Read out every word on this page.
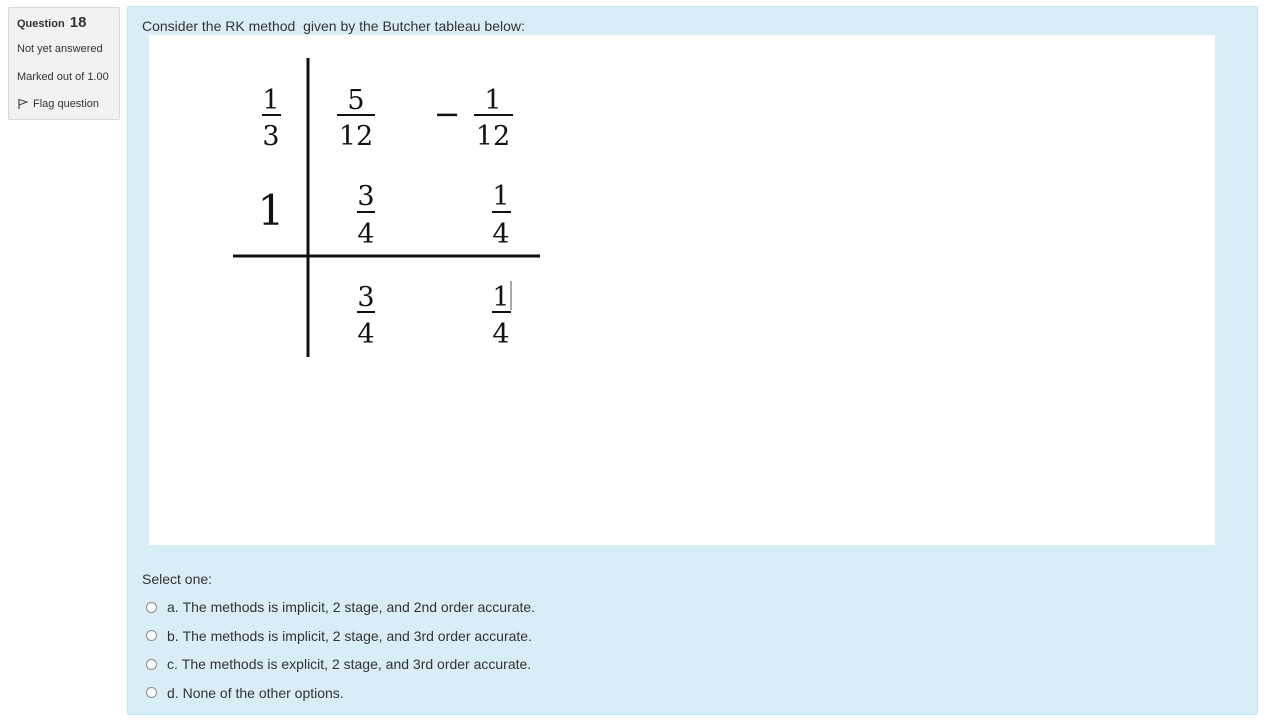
Question 18
Not yet answered
Marked out of 1.00
Flag question
Consider the RK method  given by the Butcher tableau below:
1
3
1
5
12
− 1
12
3
4
1
4
3
4
1
4
Select one:
a.
The methods is implicit, 2 stage, and 2nd order accurate.
b.
The methods is implicit, 2 stage, and 3rd order accurate.
c.
The methods is explicit, 2 stage, and 3rd order accurate.
d.
None of the other options.
